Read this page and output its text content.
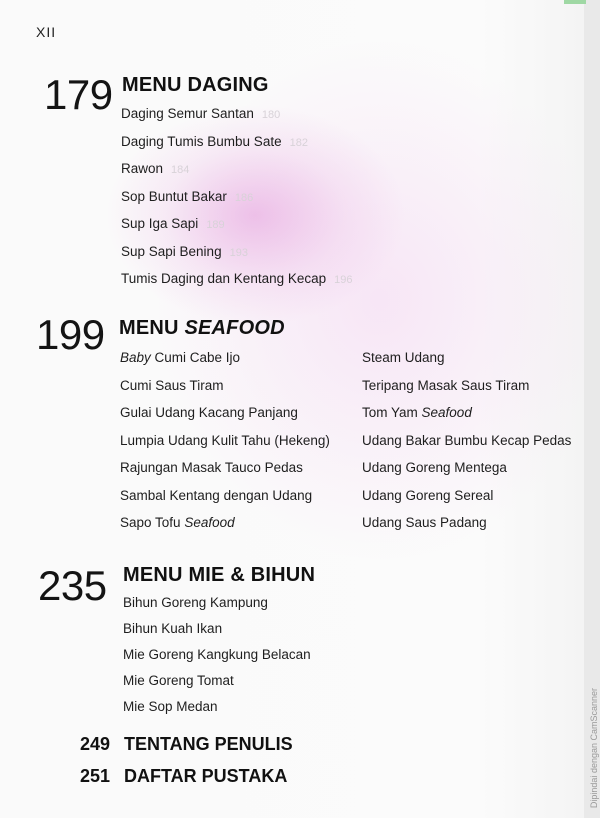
XII
179 MENU DAGING
Daging Semur Santan 180
Daging Tumis Bumbu Sate 182
Rawon 184
Sop Buntut Bakar 186
Sup Iga Sapi 189
Sup Sapi Bening 193
Tumis Daging dan Kentang Kecap 196
199 MENU SEAFOOD
Baby Cumi Cabe Ijo
Cumi Saus Tiram
Gulai Udang Kacang Panjang
Lumpia Udang Kulit Tahu (Hekeng)
Rajungan Masak Tauco Pedas
Sambal Kentang dengan Udang
Sapo Tofu Seafood
Steam Udang
Teripang Masak Saus Tiram
Tom Yam Seafood
Udang Bakar Bumbu Kecap Pedas
Udang Goreng Mentega
Udang Goreng Sereal
Udang Saus Padang
235 MENU MIE & BIHUN
Bihun Goreng Kampung
Bihun Kuah Ikan
Mie Goreng Kangkung Belacan
Mie Goreng Tomat
Mie Sop Medan
249 TENTANG PENULIS
251 DAFTAR PUSTAKA	Dipindai dengan CamScanner
